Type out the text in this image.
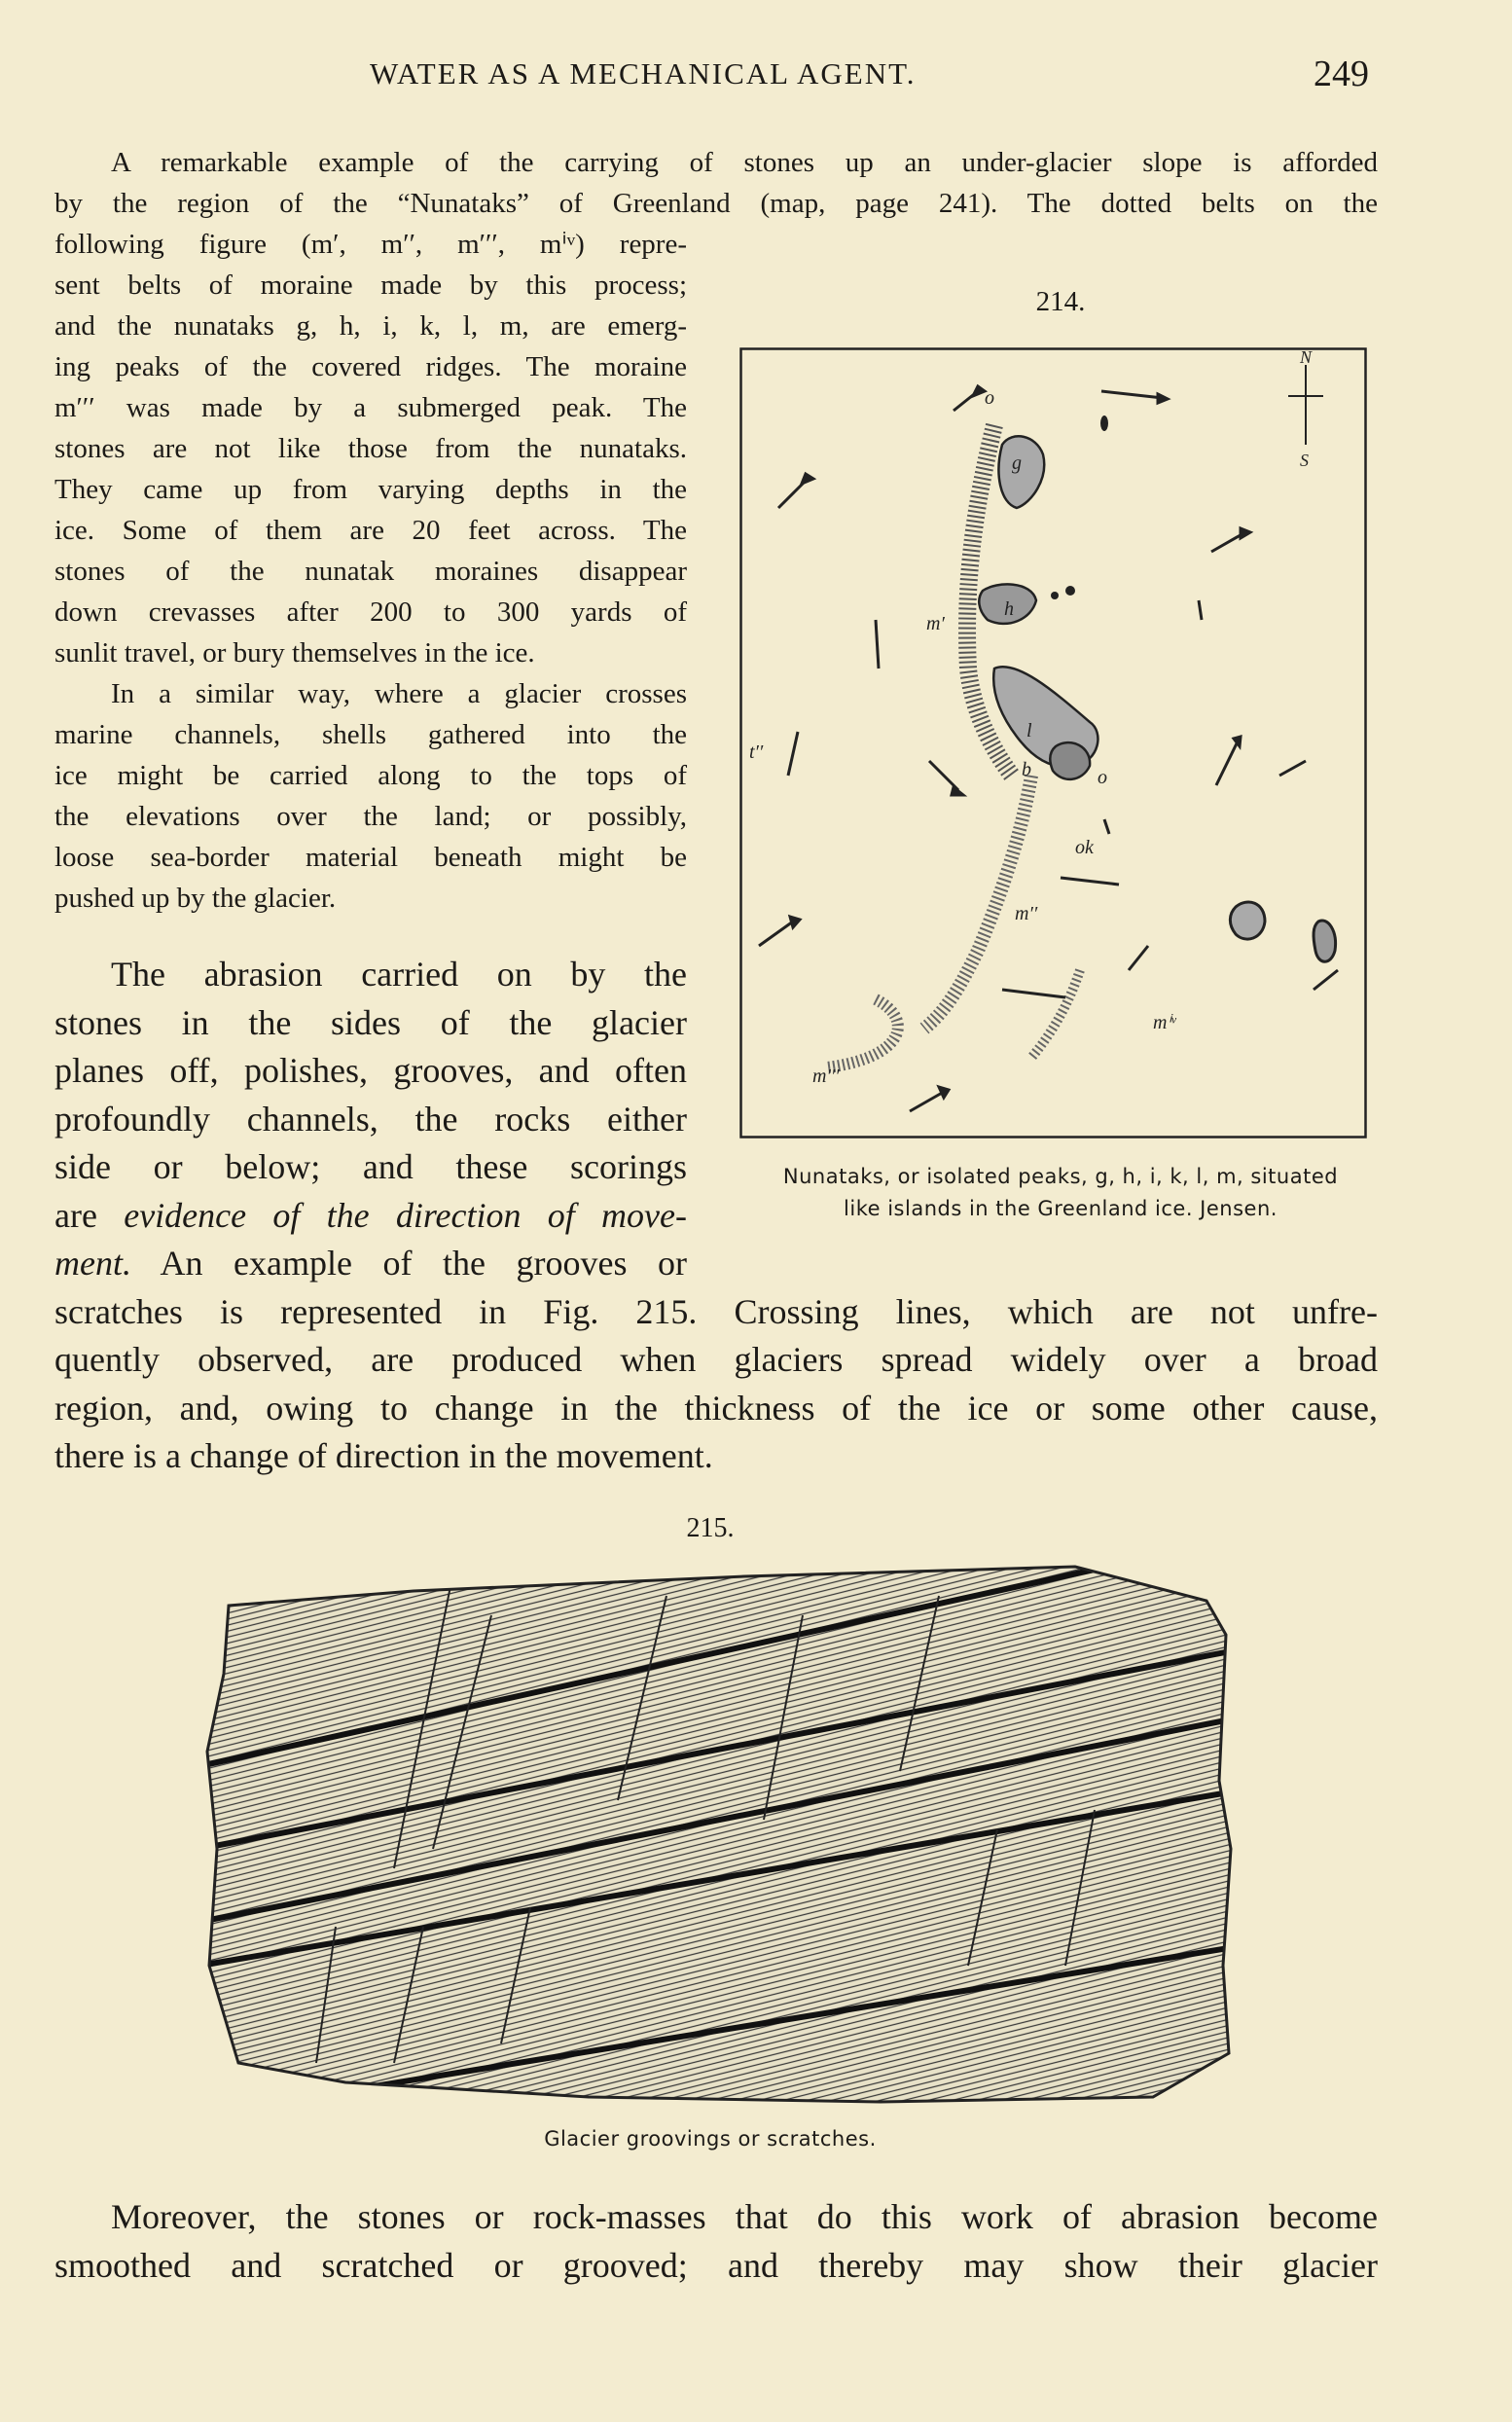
WATER AS A MECHANICAL AGENT.	249

A remarkable example of the carrying of stones up an under-glacier slope is afforded

by the region of the “Nunataks” of Greenland (map, page 241). The dotted belts on the

following figure (m′, m′′, m′′′, mⁱᵛ) repre-

sent belts of moraine made by this process;

and the nunataks g, h, i, k, l, m, are emerg-

ing peaks of the covered ridges. The moraine

m′′′ was made by a submerged peak. The

stones are not like those from the nunataks.

They came up from varying depths in the

ice. Some of them are 20 feet across. The

stones of the nunatak moraines disappear

down crevasses after 200 to 300 yards of

sunlit travel, or bury themselves in the ice.

In a similar way, where a glacier crosses

marine channels, shells gathered into the

ice might be carried along to the tops of

the elevations over the land; or possibly,

loose sea-border material beneath might be

pushed up by the glacier.

The abrasion carried on by the

stones in the sides of the glacier

planes off, polishes, grooves, and often

profoundly channels, the rocks either

side or below; and these scorings

are evidence of the direction of move-

ment. An example of the grooves or

scratches is represented in Fig. 215. Crossing lines, which are not unfre-

quently observed, are produced when glaciers spread widely over a broad

region, and, owing to change in the thickness of the ice or some other cause,

there is a change of direction in the movement.

214.
N
S
o
g
h
m′
l
b	o
ok
m′′
t′′
m′′′
mⁱᵛ
Nunataks, or isolated peaks, g, h, i, k, l, m, situated
like islands in the Greenland ice. Jensen.
215.
Glacier groovings or scratches.

Moreover, the stones or rock-masses that do this work of abrasion become

smoothed and scratched or grooved; and thereby may show their glacier
